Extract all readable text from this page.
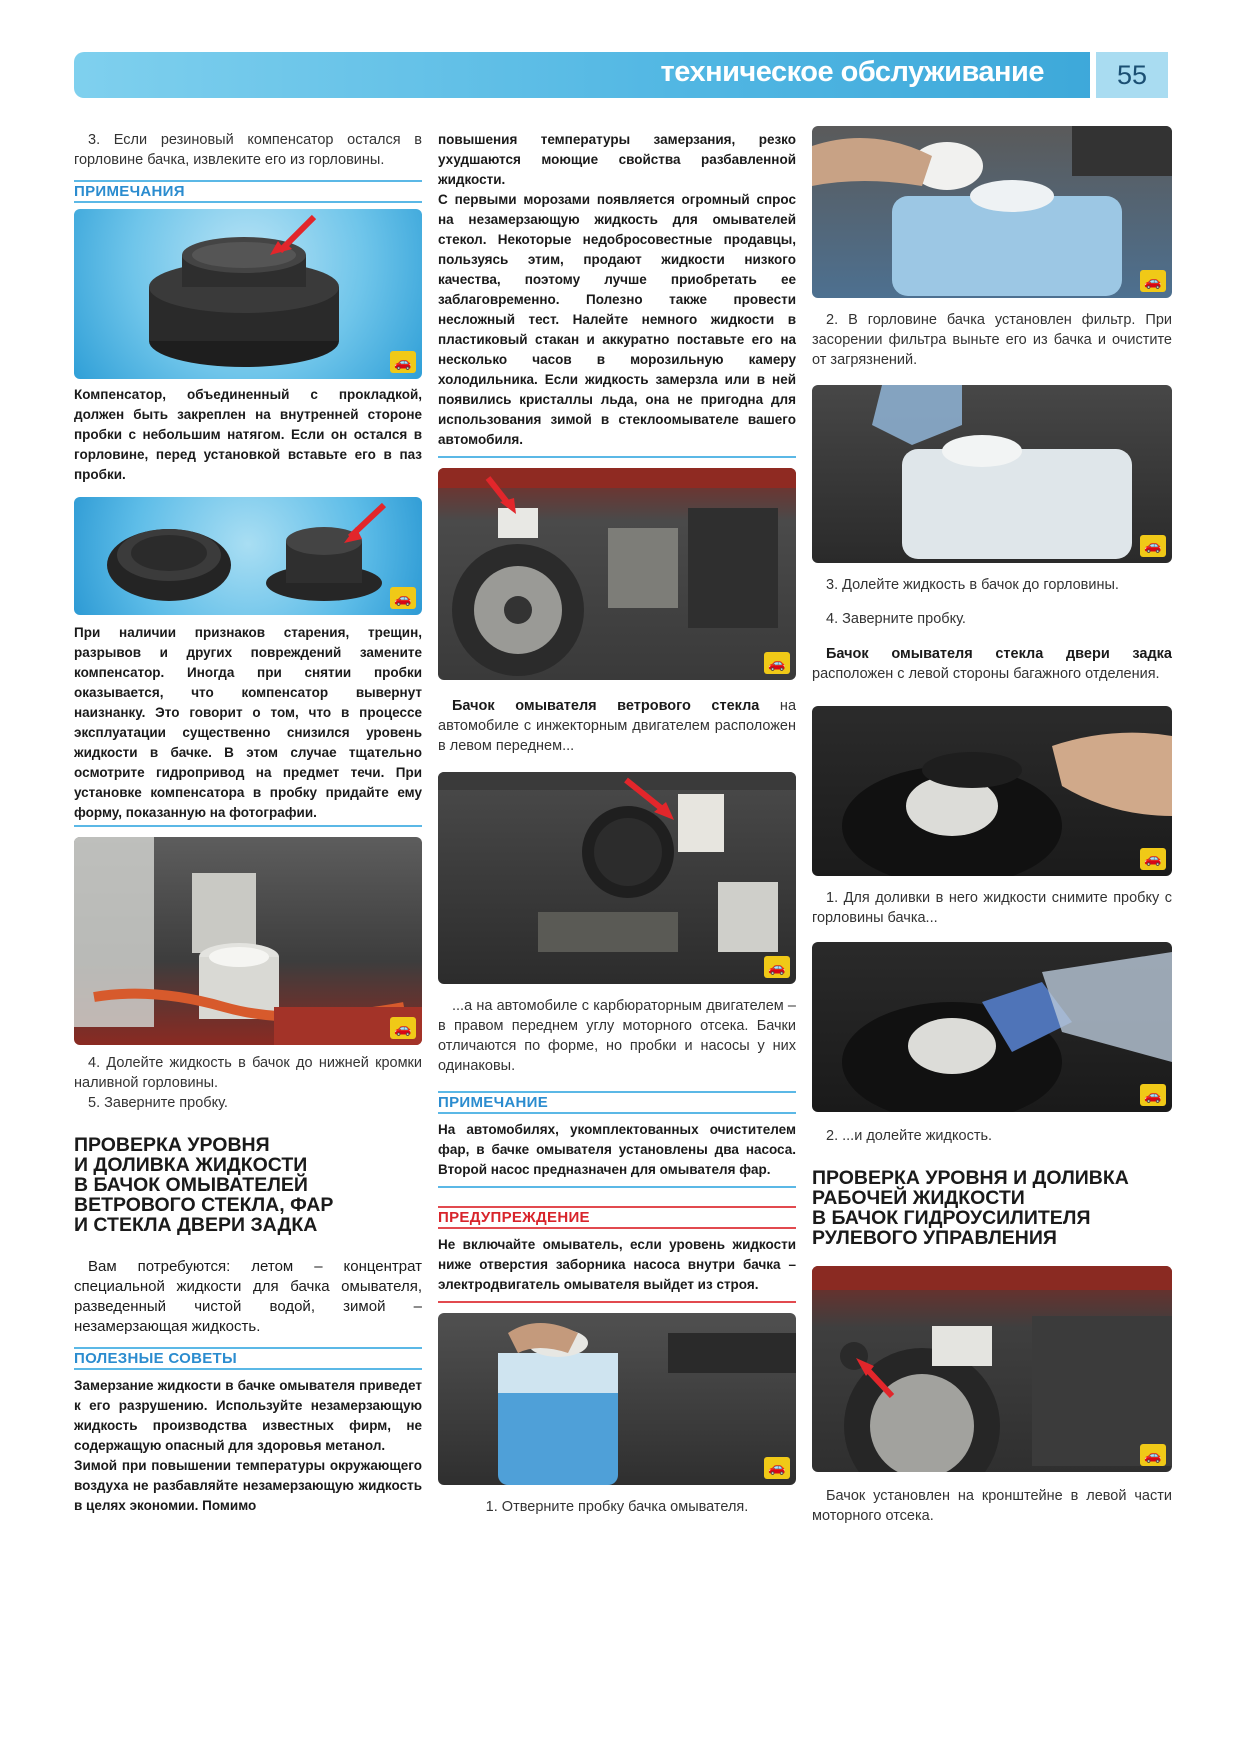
техническое обслуживание	55

3. Если резиновый компенсатор остался в горловине бачка, извлеките его из горловины.

ПРИМЕЧАНИЯ
🚗

Компенсатор, объединенный с прокладкой, должен быть закреплен на внутренней стороне пробки с небольшим натягом. Если он остался в горловине, перед установкой вставьте его в паз пробки.

🚗

При наличии признаков старения, трещин, разрывов и других повреждений замените компенсатор. Иногда при снятии пробки оказывается, что компенсатор вывернут наизнанку. Это говорит о том, что в процессе эксплуатации существенно снизился уровень жидкости в бачке. В этом случае тщательно осмотрите гидропривод на предмет течи. При установке компенсатора в пробку придайте ему форму, показанную на фотографии.

🚗

4. Долейте жидкость в бачок до нижней кромки наливной горловины.

5. Заверните пробку.

ПРОВЕРКА УРОВНЯ
И ДОЛИВКА ЖИДКОСТИ
В БАЧОК ОМЫВАТЕЛЕЙ
ВЕТРОВОГО СТЕКЛА, ФАР
И СТЕКЛА ДВЕРИ ЗАДКА

Вам потребуются: летом – концентрат специальной жидкости для бачка омывателя, разведенный чистой водой, зимой – незамерзающая жидкость.

ПОЛЕЗНЫЕ СОВЕТЫ

Замерзание жидкости в бачке омывателя приведет к его разрушению. Используйте незамерзающую жидкость производства известных фирм, не содержащую опасный для здоровья метанол.

Зимой при повышении температуры окружающего воздуха не разбавляйте незамерзающую жидкость в целях экономии. Помимо

повышения температуры замерзания, резко ухудшаются моющие свойства разбавленной жидкости.

С первыми морозами появляется огромный спрос на незамерзающую жидкость для омывателей стекол. Некоторые недобросовестные продавцы, пользуясь этим, продают жидкости низкого качества, поэтому лучше приобретать ее заблаговременно. Полезно также провести несложный тест. Налейте немного жидкости в пластиковый стакан и аккуратно поставьте его на несколько часов в морозильную камеру холодильника. Если жидкость замерзла или в ней появились кристаллы льда, она не пригодна для использования зимой в стеклоомывателе вашего автомобиля.

🚗

Бачок омывателя ветрового стекла на автомобиле с инжекторным двигателем расположен в левом переднем...

🚗

...а на автомобиле с карбюраторным двигателем – в правом переднем углу моторного отсека. Бачки отличаются по форме, но пробки и насосы у них одинаковы.

ПРИМЕЧАНИЕ

На автомобилях, укомплектованных очистителем фар, в бачке омывателя установлены два насоса. Второй насос предназначен для омывателя фар.

ПРЕДУПРЕЖДЕНИЕ

Не включайте омыватель, если уровень жидкости ниже отверстия заборника насоса внутри бачка – электродвигатель омывателя выйдет из строя.

🚗

1. Отверните пробку бачка омывателя.

🚗

2. В горловине бачка установлен фильтр. При засорении фильтра выньте его из бачка и очистите от загрязнений.

🚗

3. Долейте жидкость в бачок до горловины.

4. Заверните пробку.

Бачок омывателя стекла двери задка расположен с левой стороны багажного отделения.

🚗

1. Для доливки в него жидкости снимите пробку с горловины бачка...

🚗

2. ...и долейте жидкость.

ПРОВЕРКА УРОВНЯ И ДОЛИВКА
РАБОЧЕЙ ЖИДКОСТИ
В БАЧОК ГИДРОУСИЛИТЕЛЯ
РУЛЕВОГО УПРАВЛЕНИЯ
🚗

Бачок установлен на кронштейне в левой части моторного отсека.
